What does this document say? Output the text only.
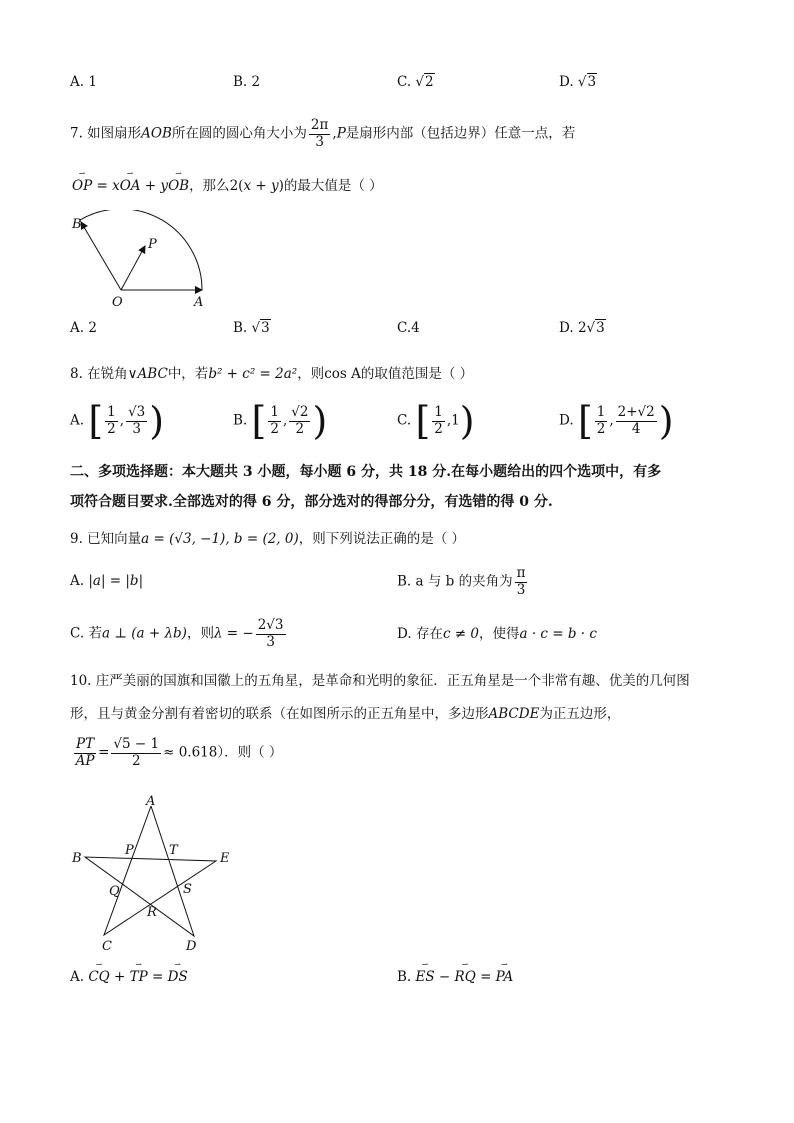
A. 1	B. 2	C. √2	D. √3
7. 如图扇形AOB所在圆的圆心角大小为 $\frac{2\pi}{3} ,P$是扇形内部（包括边界）任意一点，若
⇀ OP = x⇀ OA + y⇀ OB，那么2(x + y)的最大值是（ ）
B
P
O	A
A. 2	B. √3	C.4	D. 2√3
8. 在锐角∨ABC中，若b² + c² = 2a²，则cos A的取值范围是（ ）
A. [ $\frac{1}{2}$ , $\frac{√3}{3}$ )	B. [ $\frac{1}{2}$ , $\frac{√2}{2}$ )	C. [ $\frac{1}{2} ,1$)	D. [ $\frac{1}{2}$ , $\frac{2+√2}{4}$ )
二、多项选择题：本大题共 3 小题，每小题 6 分，共 18 分.在每小题给出的四个选项中，有多
项符合题目要求.全部选对的得 6 分，部分选对的得部分分，有选错的得 0 分.
9. 已知向量a = (√3, −1), b = (2, 0)，则下列说法正确的是（ ）
A. |a| = |b|	B. a 与 b 的夹角为 $\frac{\pi}{3}$
C. 若a ⊥ (a + λb)，则λ = − $\frac{2√3}{3}$	D. 存在c ≠ 0，使得a · c = b · c
10. 庄严美丽的国旗和国徽上的五角星，是革命和光明的象征．正五角星是一个非常有趣、优美的几何图
形，且与黄金分割有着密切的联系（在如图所示的正五角星中，多边形ABCDE为正五边形，
$\frac{PT}{AP} = \frac{√5 - 1}{2} \approx 0.618$）．则（ ）
A
B
C	D
E
P	T
Q	S
R
A. ⇀ CQ + ⇀ TP = ⇀ DS	B. ⇀ ES − ⇀ RQ = ⇀ PA
